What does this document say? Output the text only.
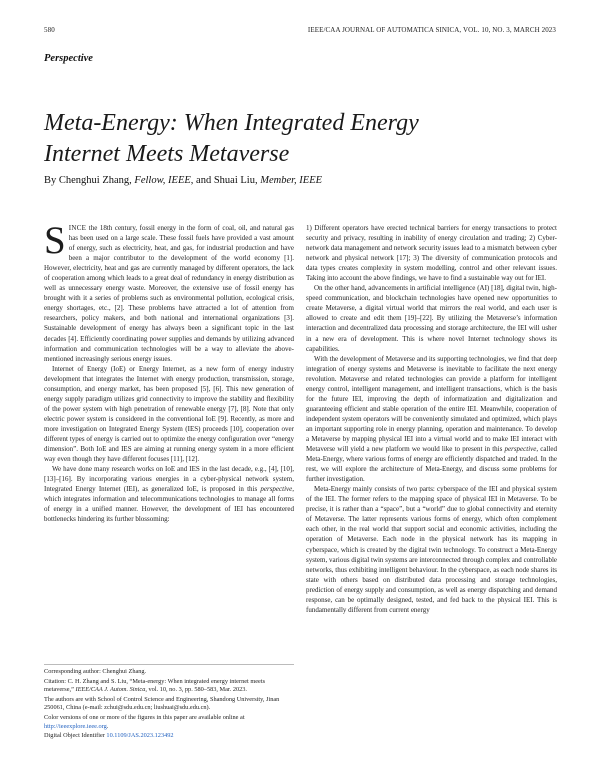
580	IEEE/CAA JOURNAL OF AUTOMATICA SINICA, VOL. 10, NO. 3, MARCH 2023
Perspective
Meta-Energy: When Integrated Energy
Internet Meets Metaverse
By Chenghui Zhang, Fellow, IEEE, and Shuai Liu, Member, IEEE

SINCE the 18th century, fossil energy in the form of coal, oil, and natural gas has been used on a large scale. These fossil fuels have provided a vast amount of energy, such as electricity, heat, and gas, for industrial production and have been a major contributor to the development of the world economy [1]. However, electricity, heat and gas are currently managed by different operators, the lack of cooperation among which leads to a great deal of redundancy in energy distribution as well as unnecessary energy waste. Moreover, the extensive use of fossil energy has brought with it a series of problems such as environmental pollution, ecological crisis, energy shortages, etc., [2]. These problems have attracted a lot of attention from researchers, policy makers, and both national and international organizations [3]. Sustainable development of energy has always been a significant topic in the last decades [4]. Efficiently coordinating power supplies and demands by utilizing advanced information and communication technologies will be a way to alleviate the above-mentioned increasingly serious energy issues.

Internet of Energy (IoE) or Energy Internet, as a new form of energy industry development that integrates the Internet with energy production, transmission, storage, consumption, and energy market, has been proposed [5], [6]. This new generation of energy supply paradigm utilizes grid connectivity to improve the stability and flexibility of the power system with high penetration of renewable energy [7], [8]. Note that only electric power system is considered in the conventional IoE [9]. Recently, as more and more investigation on Integrated Energy System (IES) proceeds [10], cooperation over different types of energy is carried out to optimize the energy configuration over “energy dimension”. Both IoE and IES are aiming at running energy system in a more efficient way even though they have different focuses [11], [12].

We have done many research works on IoE and IES in the last decade, e.g., [4], [10], [13]–[16]. By incorporating various energies in a cyber-physical network system, Integrated Energy Internet (IEI), as generalized IoE, is proposed in this perspective, which integrates information and telecommunications technologies to manage all forms of energy in a unified manner. However, the development of IEI has encountered bottlenecks hindering its further blossoming:

Corresponding author: Chenghui Zhang.

Citation: C. H. Zhang and S. Liu, “Meta-energy: When integrated energy internet meets metaverse,” IEEE/CAA J. Autom. Sinica, vol. 10, no. 3, pp. 580–583, Mar. 2023.

The authors are with School of Control Science and Engineering, Shandong University, Jinan 250061, China (e-mail: zchui@sdu.edu.cn; liushuai@sdu.edu.cn).

Color versions of one or more of the figures in this paper are available online at http://ieeexplore.ieee.org.

Digital Object Identifier 10.1109/JAS.2023.123492

1) Different operators have erected technical barriers for energy transactions to protect security and privacy, resulting in inability of energy circulation and trading; 2) Cyber-network data management and network security issues lead to a mismatch between cyber network and physical network [17]; 3) The diversity of communication protocols and data types creates complexity in system modelling, control and other relevant issues. Taking into account the above findings, we have to find a sustainable way out for IEI.

On the other hand, advancements in artificial intelligence (AI) [18], digital twin, high-speed communication, and blockchain technologies have opened new opportunities to create Metaverse, a digital virtual world that mirrors the real world, and each user is allowed to create and edit them [19]–[22]. By utilizing the Metaverse’s information interaction and decentralized data processing and storage architecture, the IEI will usher in a new era of development. This is where novel Internet technology shows its capabilities.

With the development of Metaverse and its supporting technologies, we find that deep integration of energy systems and Metaverse is inevitable to facilitate the next energy revolution. Metaverse and related technologies can provide a platform for intelligent energy control, intelligent management, and intelligent transactions, which is the basis for the future IEI, improving the depth of informatization and digitalization and guaranteeing efficient and stable operation of the entire IEI. Meanwhile, cooperation of independent system operators will be conveniently simulated and optimized, which plays an important supporting role in energy planning, operation and maintenance. To develop a Metaverse by mapping physical IEI into a virtual world and to make IEI interact with Metaverse will yield a new platform we would like to present in this perspective, called Meta-Energy, where various forms of energy are efficiently dispatched and traded. In the rest, we will explore the architecture of Meta-Energy, and discuss some problems for further investigation.

Meta-Energy mainly consists of two parts: cyberspace of the IEI and physical system of the IEI. The former refers to the mapping space of physical IEI in Metaverse. To be precise, it is rather than a “space”, but a “world” due to global connectivity and eternity of Metaverse. The latter represents various forms of energy, which often complement each other, in the real world that support social and economic activities, including the operation of Metaverse. Each node in the physical network has its mapping in cyberspace, which is created by the digital twin technology. To construct a Meta-Energy system, various digital twin systems are interconnected through complex and controllable networks, thus exhibiting intelligent behaviour. In the cyberspace, as each node shares its state with others based on distributed data processing and storage technologies, prediction of energy supply and consumption, as well as energy dispatching and demand response, can be optimally designed, tested, and fed back to the physical IEI. This is fundamentally different from current energy
